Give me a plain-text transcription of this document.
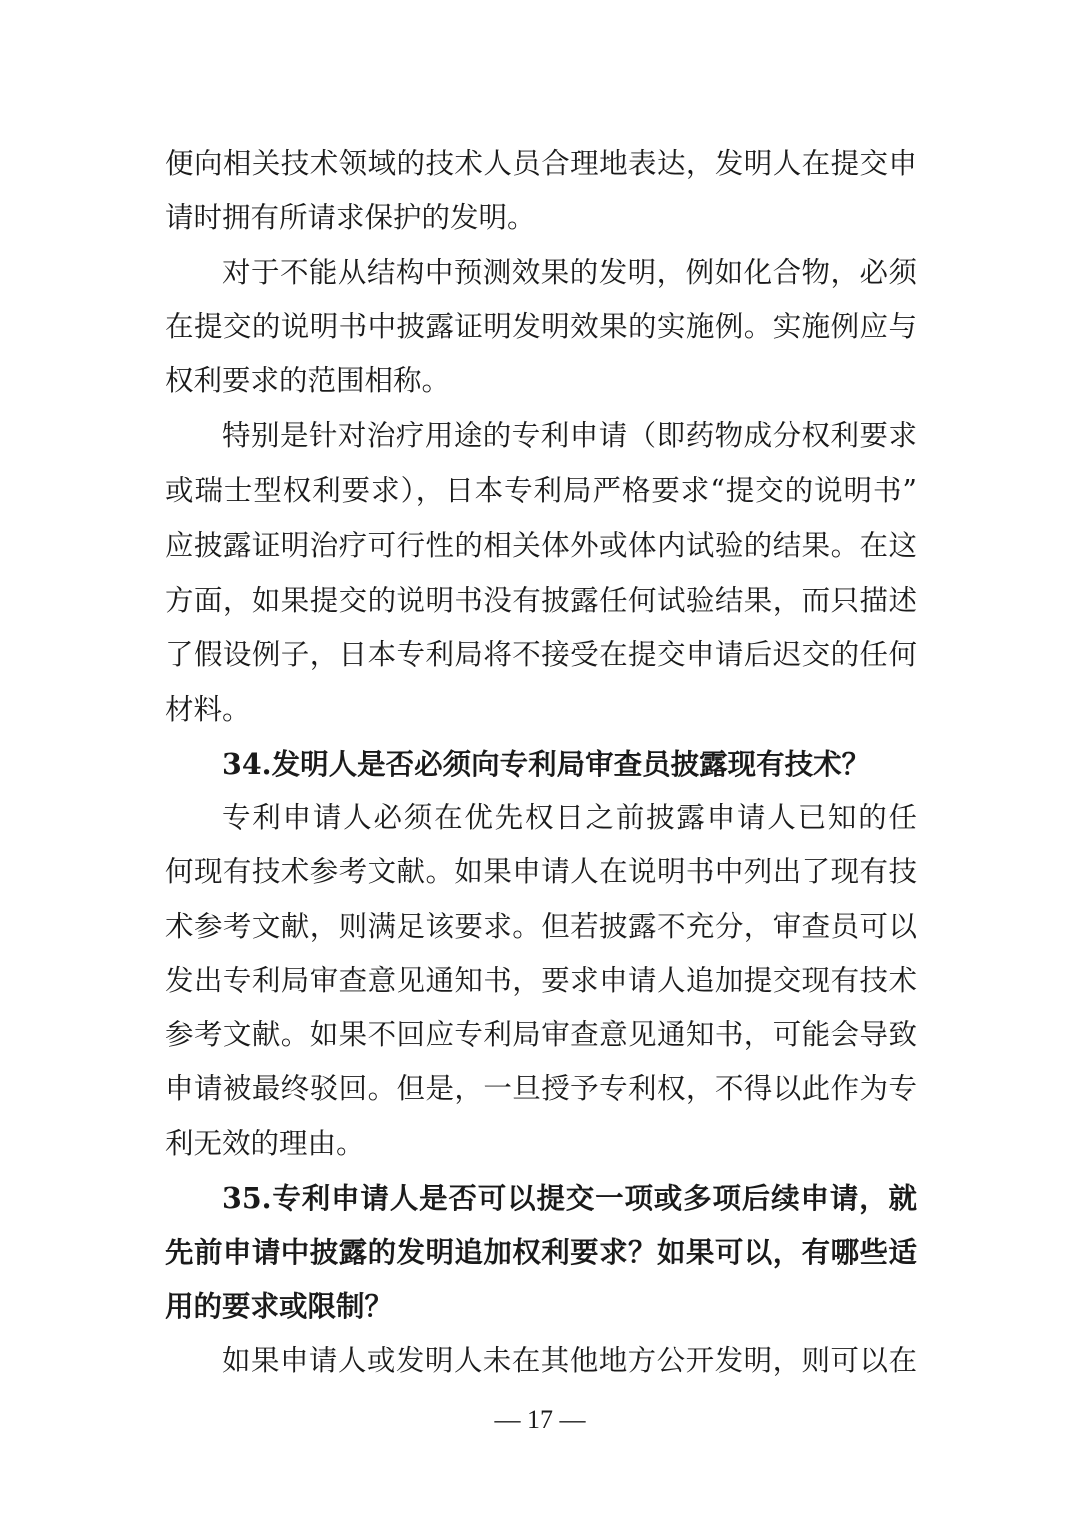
便向相关技术领域的技术人员合理地表达，发明人在提交申
请时拥有所请求保护的发明。
对于不能从结构中预测效果的发明，例如化合物，必须
在提交的说明书中披露证明发明效果的实施例。实施例应与
权利要求的范围相称。
特别是针对治疗用途的专利申请（即药物成分权利要求
或瑞士型权利要求），日本专利局严格要求“提交的说明书”
应披露证明治疗可行性的相关体外或体内试验的结果。在这
方面，如果提交的说明书没有披露任何试验结果，而只描述
了假设例子，日本专利局将不接受在提交申请后迟交的任何
材料。
34.发明人是否必须向专利局审查员披露现有技术？
专利申请人必须在优先权日之前披露申请人已知的任
何现有技术参考文献。如果申请人在说明书中列出了现有技
术参考文献，则满足该要求。但若披露不充分，审查员可以
发出专利局审查意见通知书，要求申请人追加提交现有技术
参考文献。如果不回应专利局审查意见通知书，可能会导致
申请被最终驳回。但是，一旦授予专利权，不得以此作为专
利无效的理由。
35.专利申请人是否可以提交一项或多项后续申请，就
先前申请中披露的发明追加权利要求？如果可以，有哪些适
用的要求或限制？
如果申请人或发明人未在其他地方公开发明，则可以在
— 17 —
